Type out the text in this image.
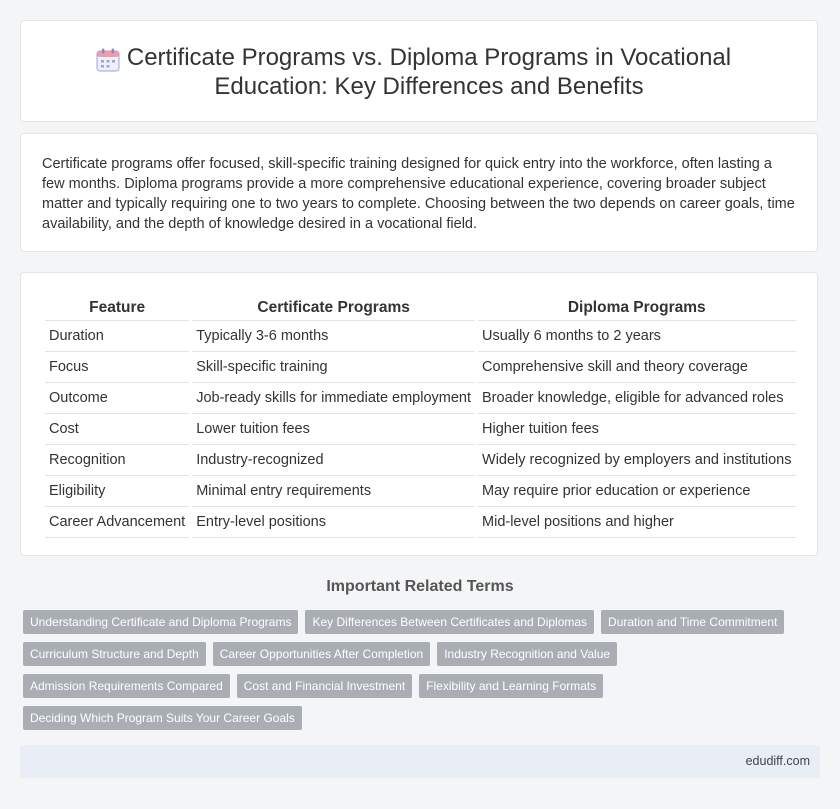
Certificate Programs vs. Diploma Programs in Vocational Education: Key Differences and Benefits

Certificate programs offer focused, skill-specific training designed for quick entry into the workforce, often lasting a few months. Diploma programs provide a more comprehensive educational experience, covering broader subject matter and typically requiring one to two years to complete. Choosing between the two depends on career goals, time availability, and the depth of knowledge desired in a vocational field.

Feature	Certificate Programs	Diploma Programs
Duration	Typically 3-6 months	Usually 6 months to 2 years
Focus	Skill-specific training	Comprehensive skill and theory coverage
Outcome	Job-ready skills for immediate employment	Broader knowledge, eligible for advanced roles
Cost	Lower tuition fees	Higher tuition fees
Recognition	Industry-recognized	Widely recognized by employers and institutions
Eligibility	Minimal entry requirements	May require prior education or experience
Career Advancement	Entry-level positions	Mid-level positions and higher
Important Related Terms
Understanding Certificate and Diploma Programs	Key Differences Between Certificates and Diplomas	Duration and Time Commitment
Curriculum Structure and Depth	Career Opportunities After Completion	Industry Recognition and Value
Admission Requirements Compared	Cost and Financial Investment	Flexibility and Learning Formats
Deciding Which Program Suits Your Career Goals
edudiff.com
